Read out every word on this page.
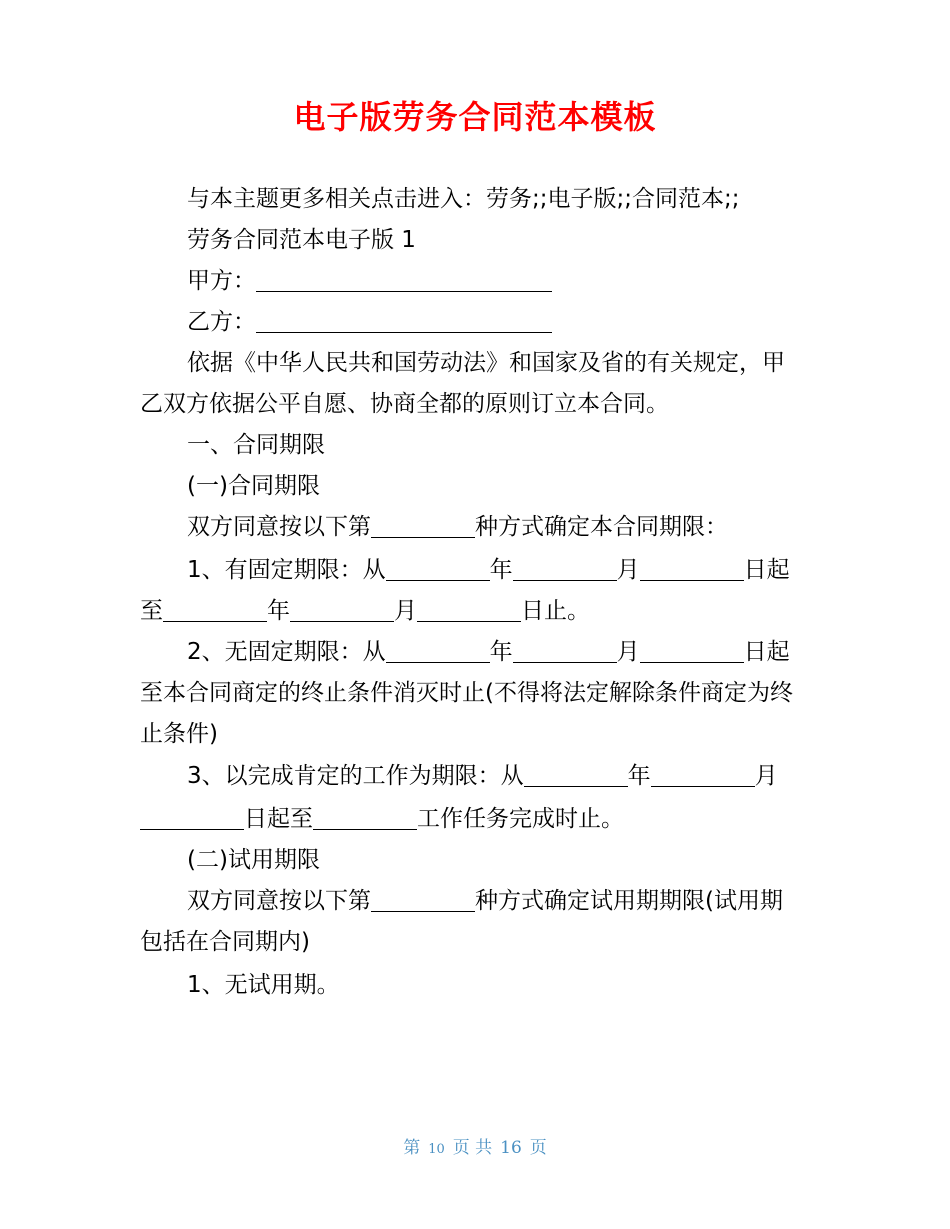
电子版劳务合同范本模板
与本主题更多相关点击进入：劳务;;电子版;;合同范本;;
劳务合同范本电子版 1
甲方：
乙方：
依据《中华人民共和国劳动法》和国家及省的有关规定，甲
乙双方依据公平自愿、协商全都的原则订立本合同。
一、合同期限
(一)合同期限
双方同意按以下第	种方式确定本合同期限：
1、有固定期限：从	年	月	日起
至	年	月	日止。
2、无固定期限：从	年	月	日起
至本合同商定的终止条件消灭时止(不得将法定解除条件商定为终
止条件)
3、以完成肯定的工作为期限：从	年	月
日起至	工作任务完成时止。
(二)试用期限
双方同意按以下第	种方式确定试用期期限(试用期
包括在合同期内)
1、无试用期。
第 10 页 共 16 页
